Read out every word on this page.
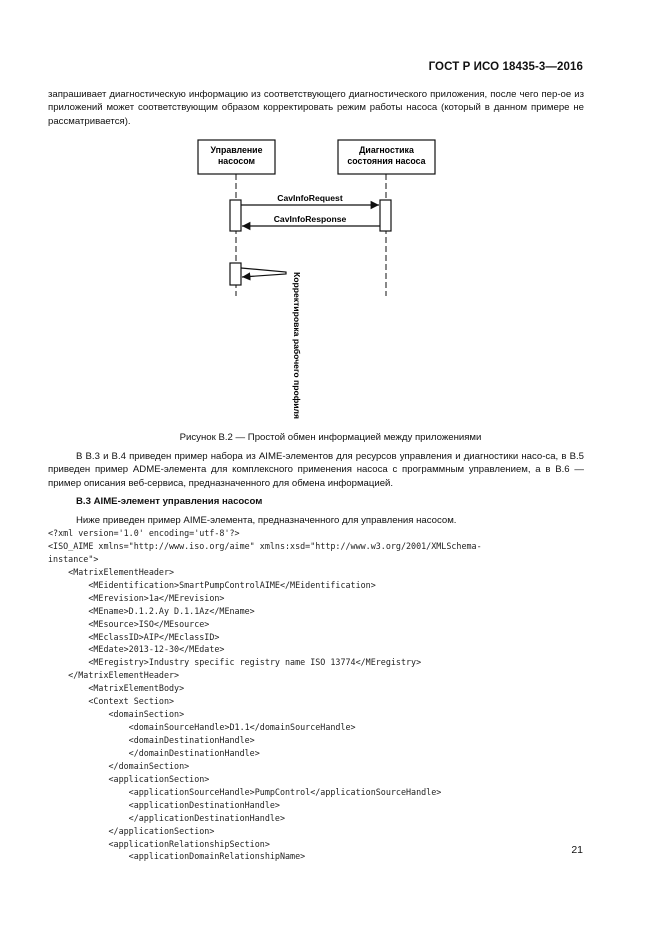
ГОСТ Р ИСО 18435-3—2016
запрашивает диагностическую информацию из соответствующего диагностического приложения, после чего пер-ое из приложений может соответствующим образом корректировать режим работы насоса (который в данном примере не рассматривается).
Управление
насосом
Диагностика
состояния насоса
CavInfoRequest
CavInfoResponse
Корректировка рабочего профиля
Рисунок В.2 — Простой обмен информацией между приложениями
В В.3 и В.4 приведен пример набора из AIME-элементов для ресурсов управления и диагностики насо-са, в В.5 приведен пример ADME-элемента для комплексного применения насоса с программным управлением, а в В.6 — пример описания веб-сервиса, предназначенного для обмена информацией.
В.3 AIME-элемент управления насосом
Ниже приведен пример AIME-элемента, предназначенного для управления насосом.
<?xml version='1.0' encoding='utf-8'?>
<ISO_AIME xmlns="http://www.iso.org/aime" xmlns:xsd="http://www.w3.org/2001/XMLSchema-
instance">
<MatrixElementHeader>
<MEidentification>SmartPumpControlAIME</MEidentification>
<MErevision>1a</MErevision>
<MEname>D.1.2.Ay D.1.1Az</MEname>
<MEsource>ISO</MEsource>
<MEclassID>AIP</MEclassID>
<MEdate>2013-12-30</MEdate>
<MEregistry>Industry specific registry name ISO 13774</MEregistry>
</MatrixElementHeader>
<MatrixElementBody>
<Context Section>
<domainSection>
<domainSourceHandle>D1.1</domainSourceHandle>
<domainDestinationHandle>
</domainDestinationHandle>
</domainSection>
<applicationSection>
<applicationSourceHandle>PumpControl</applicationSourceHandle>
<applicationDestinationHandle>
</applicationDestinationHandle>
</applicationSection>
<applicationRelationshipSection>
<applicationDomainRelationshipName>
21
